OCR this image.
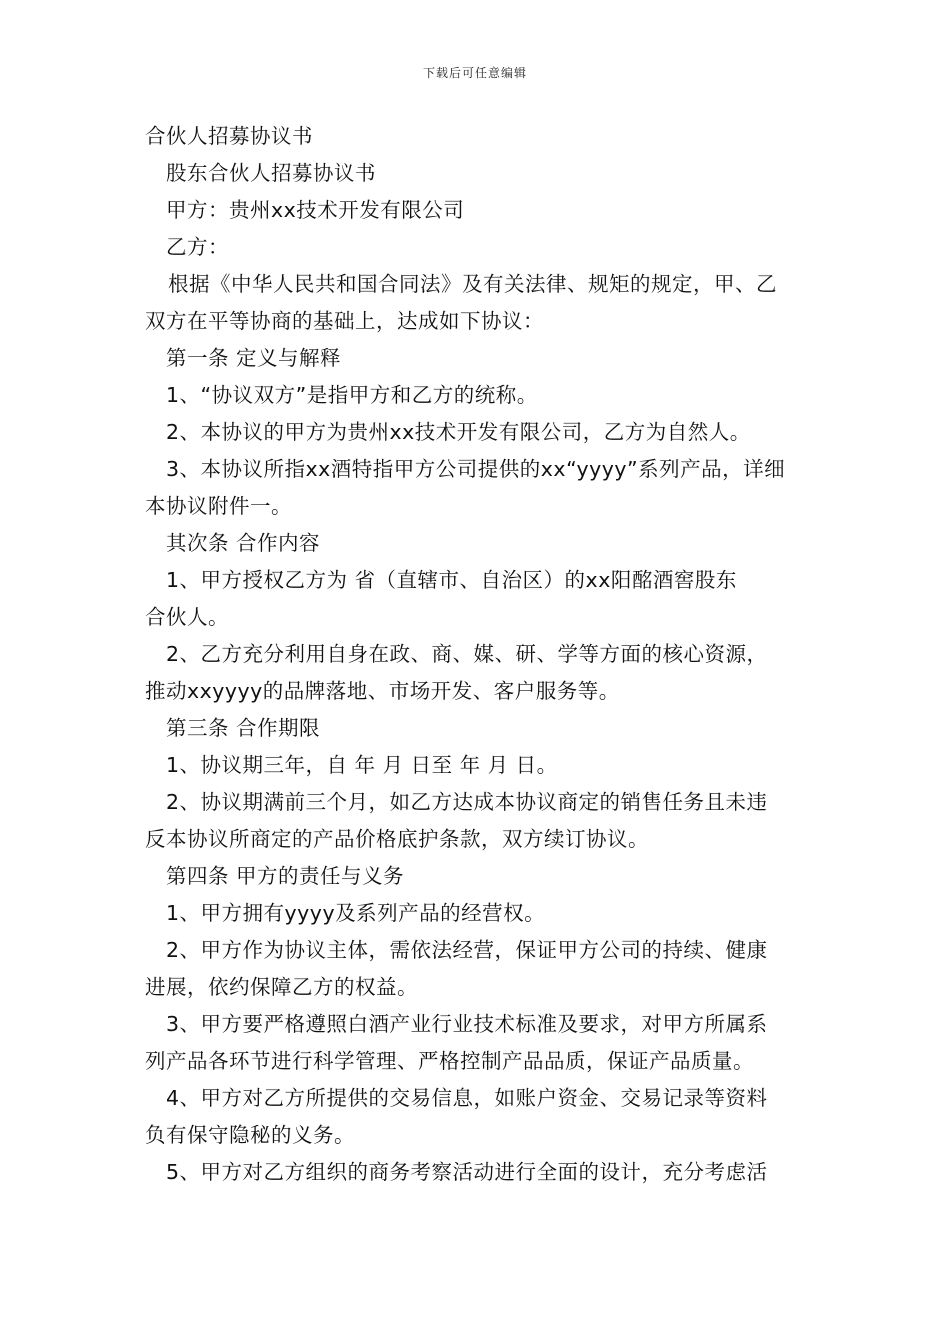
下载后可任意编辑
合伙人招募协议书
股东合伙人招募协议书
甲方：贵州xx技术开发有限公司
乙方：
根据《中华人民共和国合同法》及有关法律、规矩的规定，甲、乙
双方在平等协商的基础上，达成如下协议：
第一条 定义与解释
1、“协议双方”是指甲方和乙方的统称。
2、本协议的甲方为贵州xx技术开发有限公司，乙方为自然人。
3、本协议所指xx酒特指甲方公司提供的xx“yyyy”系列产品，详细
本协议附件一。
其次条 合作内容
1、甲方授权乙方为 省（直辖市、自治区）的xx阳酩酒窖股东
合伙人。
2、乙方充分利用自身在政、商、媒、研、学等方面的核心资源，
推动xxyyyy的品牌落地、市场开发、客户服务等。
第三条 合作期限
1、协议期三年，自 年 月 日至 年 月 日。
2、协议期满前三个月，如乙方达成本协议商定的销售任务且未违
反本协议所商定的产品价格底护条款，双方续订协议。
第四条 甲方的责任与义务
1、甲方拥有yyyy及系列产品的经营权。
2、甲方作为协议主体，需依法经营，保证甲方公司的持续、健康
进展，依约保障乙方的权益。
3、甲方要严格遵照白酒产业行业技术标准及要求，对甲方所属系
列产品各环节进行科学管理、严格控制产品品质，保证产品质量。
4、甲方对乙方所提供的交易信息，如账户资金、交易记录等资料
负有保守隐秘的义务。
5、甲方对乙方组织的商务考察活动进行全面的设计，充分考虑活
